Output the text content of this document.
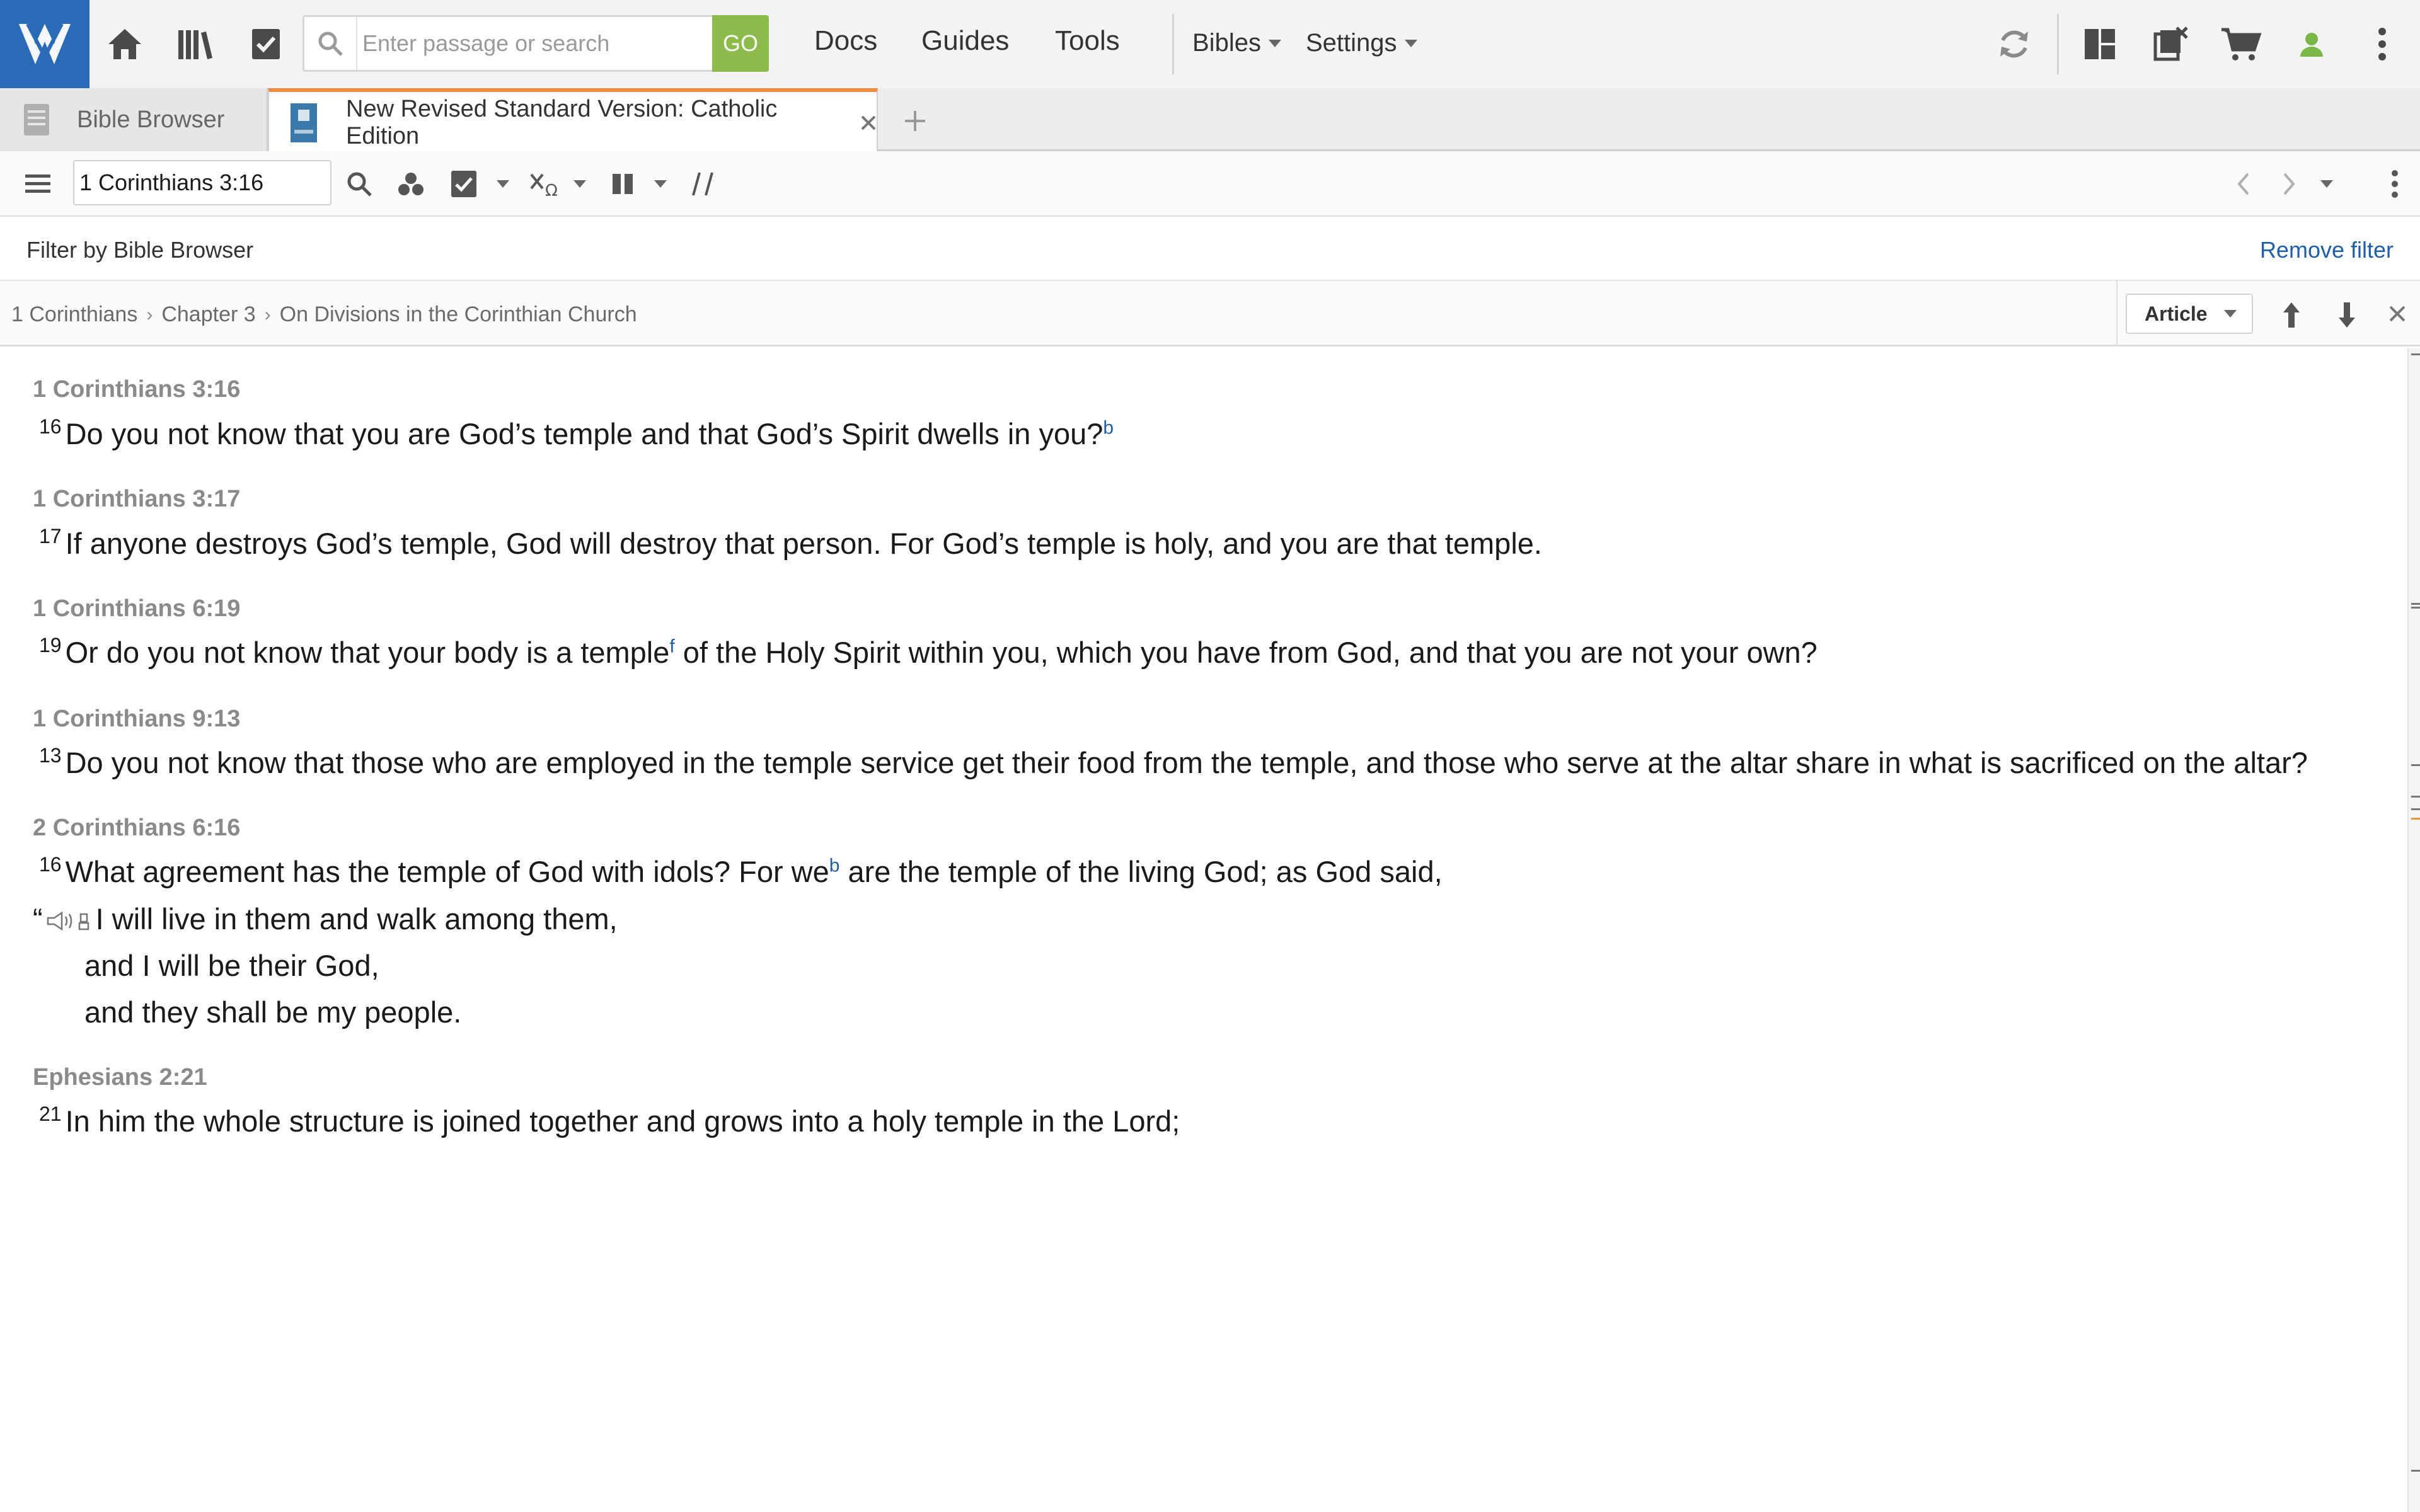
Enter passage or search
GO	Docs Guides Tools	Bibles Settings
Bible Browser	New Revised Standard Version: Catholic Edition
1 Corinthians 3:16
Ω
Filter by Bible Browser	Remove filter
1 Corinthians › Chapter 3 › On Divisions in the Corinthian Church	Article
1 Corinthians 3:16
$^{16}$ Do you not know that you are God’s temple and that God’s Spirit dwells in you?$^b$
1 Corinthians 3:17
$^{17}$ If anyone destroys God’s temple, God will destroy that person. For God’s temple is holy, and you are that temple.
1 Corinthians 6:19
$^{19}$ Or do you not know that your body is a temple$^f$ of the Holy Spirit within you, which you have from God, and that you are not your own?
1 Corinthians 9:13
$^{13}$ Do you not know that those who are employed in the temple service get their food from the temple, and those who serve at the altar share in what is sacrificed on the altar?
2 Corinthians 6:16
$^{16}$ What agreement has the temple of God with idols? For we$^b$ are the temple of the living God; as God said,
“ I will live in them and walk among them,
and I will be their God,
and they shall be my people.
Ephesians 2:21
$^{21}$ In him the whole structure is joined together and grows into a holy temple in the Lord;
